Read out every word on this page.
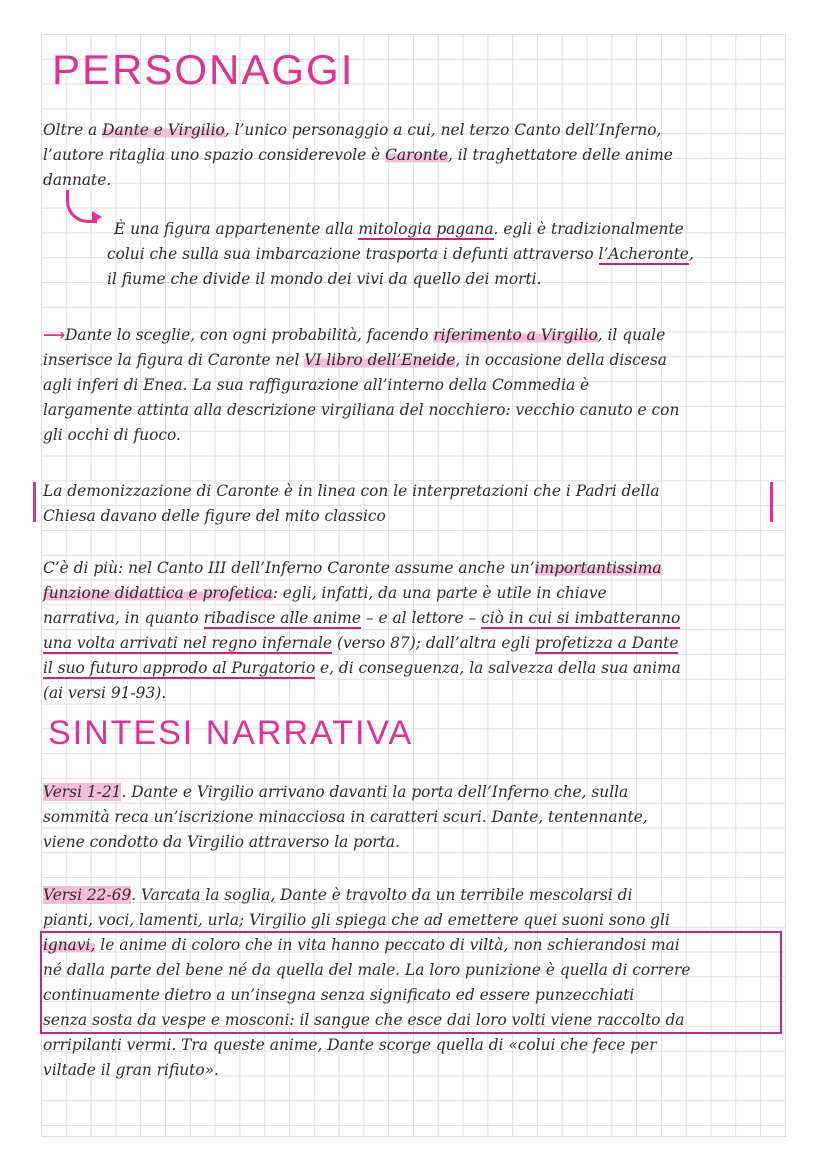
PERSONAGGI

Oltre a Dante e Virgilio, l’unico personaggio a cui, nel terzo Canto dell’Inferno,

l’autore ritaglia uno spazio considerevole è Caronte, il traghettatore delle anime

dannate.

È una figura appartenente alla mitologia pagana. egli è tradizionalmente

colui che sulla sua imbarcazione trasporta i defunti attraverso l’Acheronte,

il fiume che divide il mondo dei vivi da quello dei morti.

⟶Dante lo sceglie, con ogni probabilità, facendo riferimento a Virgilio, il quale

inserisce la figura di Caronte nel VI libro dell’Eneide, in occasione della discesa

agli inferi di Enea. La sua raffigurazione all’interno della Commedia è

largamente attinta alla descrizione virgiliana del nocchiero: vecchio canuto e con

gli occhi di fuoco.

La demonizzazione di Caronte è in linea con le interpretazioni che i Padri della

Chiesa davano delle figure del mito classico

C’è di più: nel Canto III dell’Inferno Caronte assume anche un’importantissima

funzione didattica e profetica: egli, infatti, da una parte è utile in chiave

narrativa, in quanto ribadisce alle anime – e al lettore – ciò in cui si imbatteranno

una volta arrivati nel regno infernale (verso 87); dall’altra egli profetizza a Dante

il suo futuro approdo al Purgatorio e, di conseguenza, la salvezza della sua anima

(ai versi 91-93).

SINTESI NARRATIVA

Versi 1-21. Dante e Virgilio arrivano davanti la porta dell’Inferno che, sulla

sommità reca un’iscrizione minacciosa in caratteri scuri. Dante, tentennante,

viene condotto da Virgilio attraverso la porta.

Versi 22-69. Varcata la soglia, Dante è travolto da un terribile mescolarsi di

pianti, voci, lamenti, urla; Virgilio gli spiega che ad emettere quei suoni sono gli

ignavi, le anime di coloro che in vita hanno peccato di viltà, non schierandosi mai

né dalla parte del bene né da quella del male. La loro punizione è quella di correre

continuamente dietro a un’insegna senza significato ed essere punzecchiati

senza sosta da vespe e mosconi: il sangue che esce dai loro volti viene raccolto da

orripilanti vermi. Tra queste anime, Dante scorge quella di «colui che fece per

viltade il gran rifiuto».
